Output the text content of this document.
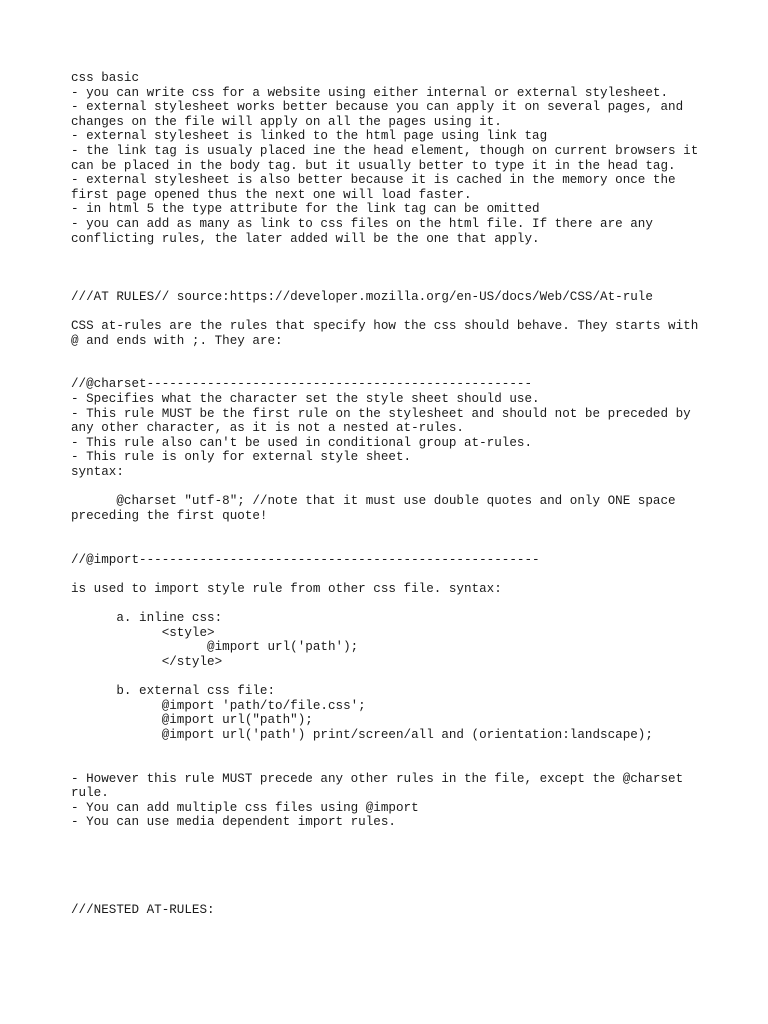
css basic
- you can write css for a website using either internal or external stylesheet.
- external stylesheet works better because you can apply it on several pages, and
changes on the file will apply on all the pages using it.
- external stylesheet is linked to the html page using link tag
- the link tag is usualy placed ine the head element, though on current browsers it
can be placed in the body tag. but it usually better to type it in the head tag.
- external stylesheet is also better because it is cached in the memory once the
first page opened thus the next one will load faster.
- in html 5 the type attribute for the link tag can be omitted
- you can add as many as link to css files on the html file. If there are any
conflicting rules, the later added will be the one that apply.
///AT RULES// source:https://developer.mozilla.org/en-US/docs/Web/CSS/At-rule
CSS at-rules are the rules that specify how the css should behave. They starts with
@ and ends with ;. They are:
//@charset---------------------------------------------------
- Specifies what the character set the style sheet should use.
- This rule MUST be the first rule on the stylesheet and should not be preceded by
any other character, as it is not a nested at-rules.
- This rule also can't be used in conditional group at-rules.
- This rule is only for external style sheet.
syntax:
@charset "utf-8"; //note that it must use double quotes and only ONE space
preceding the first quote!
//@import-----------------------------------------------------
is used to import style rule from other css file. syntax:
a. inline css:
<style>
@import url('path');
</style>
b. external css file:
@import 'path/to/file.css';
@import url("path");
@import url('path') print/screen/all and (orientation:landscape);
- However this rule MUST precede any other rules in the file, except the @charset
rule.
- You can add multiple css files using @import
- You can use media dependent import rules.
///NESTED AT-RULES:
